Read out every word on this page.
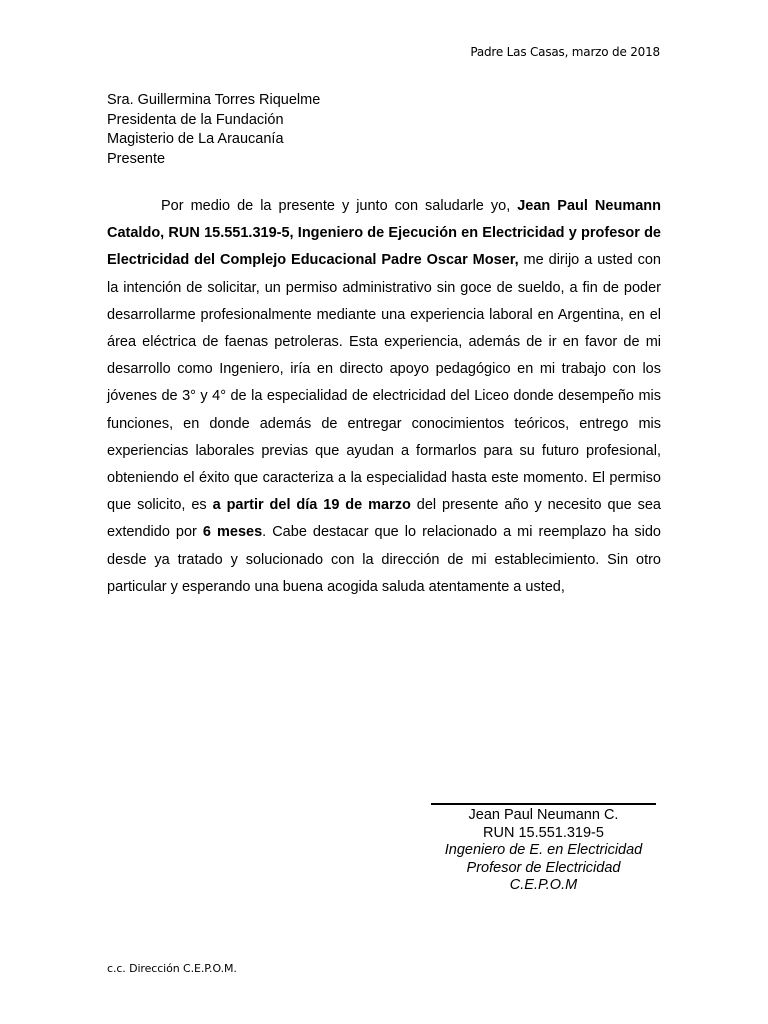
Padre Las Casas, marzo de 2018
Sra. Guillermina Torres Riquelme
Presidenta de la Fundación
Magisterio de La Araucanía
Presente

Por medio de la presente y junto con saludarle yo, Jean Paul Neumann Cataldo, RUN 15.551.319-5, Ingeniero de Ejecución en Electricidad y profesor de Electricidad del Complejo Educacional Padre Oscar Moser, me dirijo a usted con la intención de solicitar, un permiso administrativo sin goce de sueldo, a fin de poder desarrollarme profesionalmente mediante una experiencia laboral en Argentina, en el área eléctrica de faenas petroleras. Esta experiencia, además de ir en favor de mi desarrollo como Ingeniero, iría en directo apoyo pedagógico en mi trabajo con los jóvenes de 3° y 4° de la especialidad de electricidad del Liceo donde desempeño mis funciones, en donde además de entregar conocimientos teóricos, entrego mis experiencias laborales previas que ayudan a formarlos para su futuro profesional, obteniendo el éxito que caracteriza a la especialidad hasta este momento. El permiso que solicito, es a partir del día 19 de marzo del presente año y necesito que sea extendido por 6 meses. Cabe destacar que lo relacionado a mi reemplazo ha sido desde ya tratado y solucionado con la dirección de mi establecimiento. Sin otro particular y esperando una buena acogida saluda atentamente a usted,

Jean Paul Neumann C.
RUN 15.551.319-5
Ingeniero de E. en Electricidad
Profesor de Electricidad
C.E.P.O.M
c.c. Dirección C.E.P.O.M.
